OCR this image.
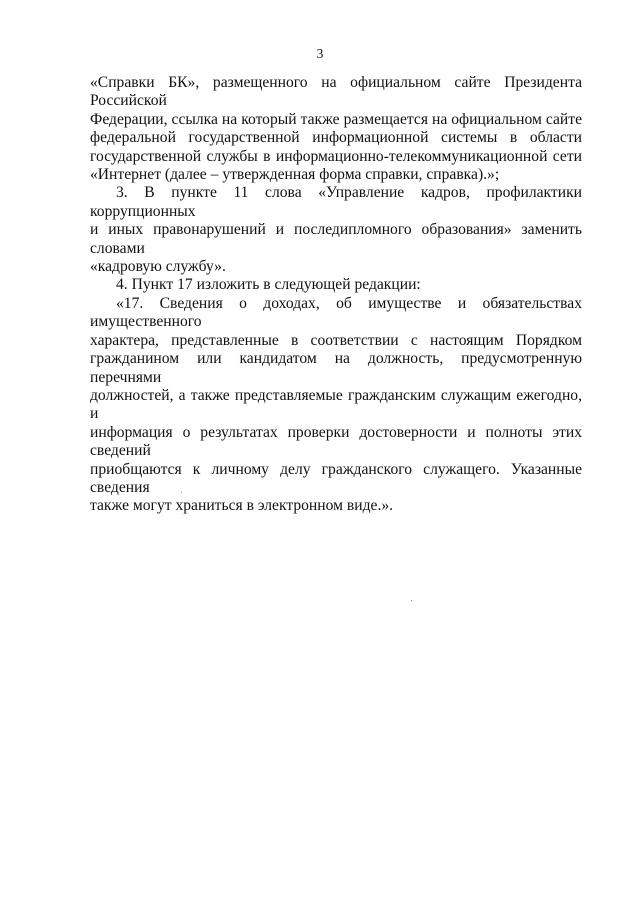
3

«Справки БК», размещенного на официальном сайте Президента Российской

Федерации, ссылка на который также размещается на официальном сайте

федеральной государственной информационной системы в области

государственной службы в информационно-телекоммуникационной сети

«Интернет (далее – утвержденная форма справки, справка).»;

3. В пункте 11 слова «Управление кадров, профилактики коррупционных

и иных правонарушений и последипломного образования» заменить словами

«кадровую службу».

4. Пункт 17 изложить в следующей редакции:

«17. Сведения о доходах, об имуществе и обязательствах имущественного

характера, представленные в соответствии с настоящим Порядком

гражданином или кандидатом на должность, предусмотренную перечнями

должностей, а также представляемые гражданским служащим ежегодно, и

информация о результатах проверки достоверности и полноты этих сведений

приобщаются к личному делу гражданского служащего. Указанные сведения

также могут храниться в электронном виде.».
